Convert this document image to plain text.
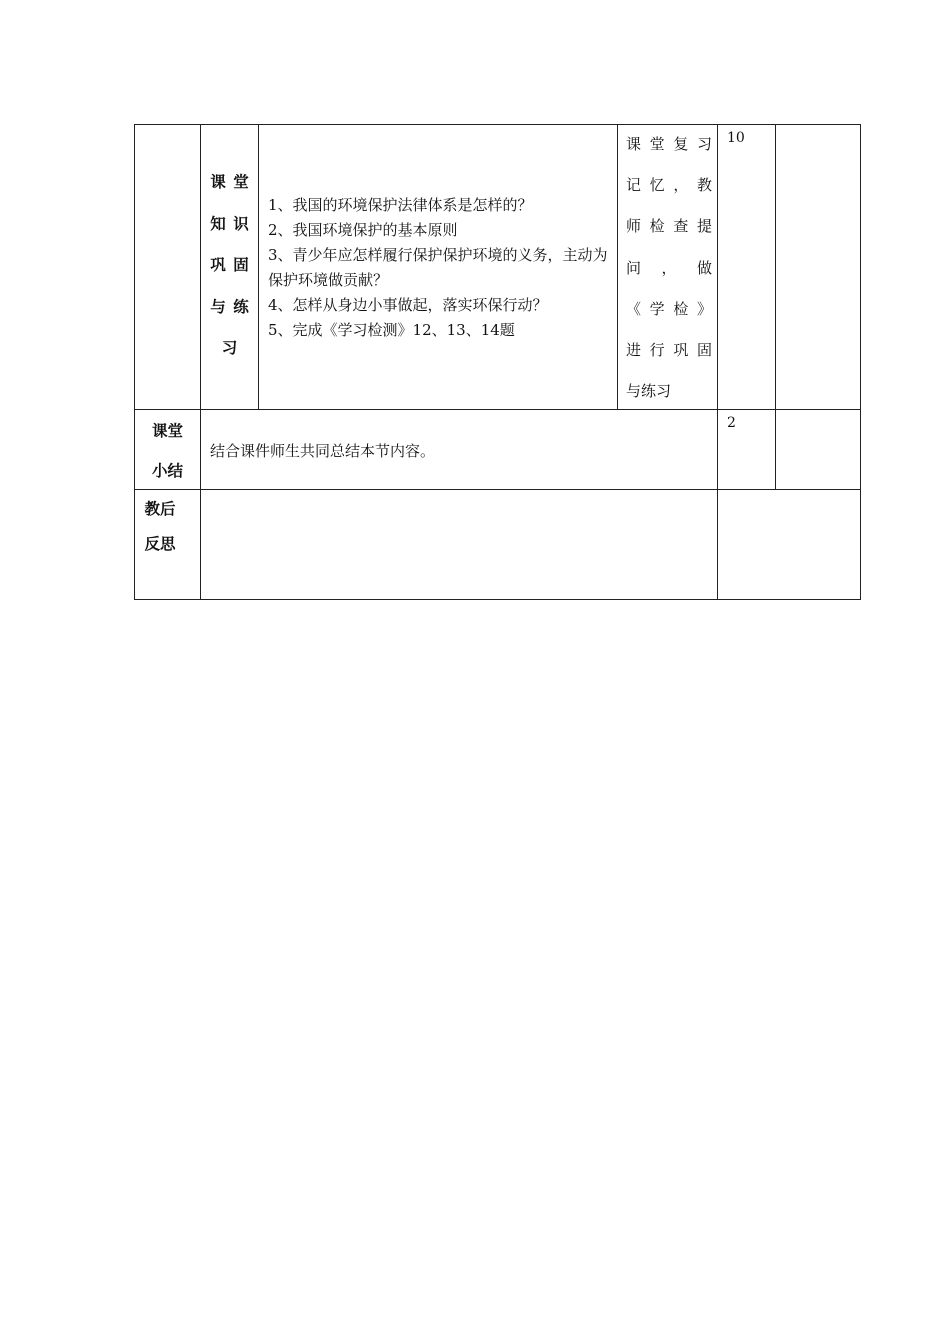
课 堂
知 识
巩 固
与 练
习
1、我国的环境保护法律体系是怎样的？
2、我国环境保护的基本原则
3、青少年应怎样履行保护保护环境的义务，主动为保护环境做贡献？
4、怎样从身边小事做起，落实环保行动？
5、完成《学习检测》12、13、14题
课 堂 复 习
记 忆 ， 教
师 检 查 提
问 ， 做
《 学 检 》
进 行 巩 固
与练习
10
课堂
小结
结合课件师生共同总结本节内容。
2
教后
反思
